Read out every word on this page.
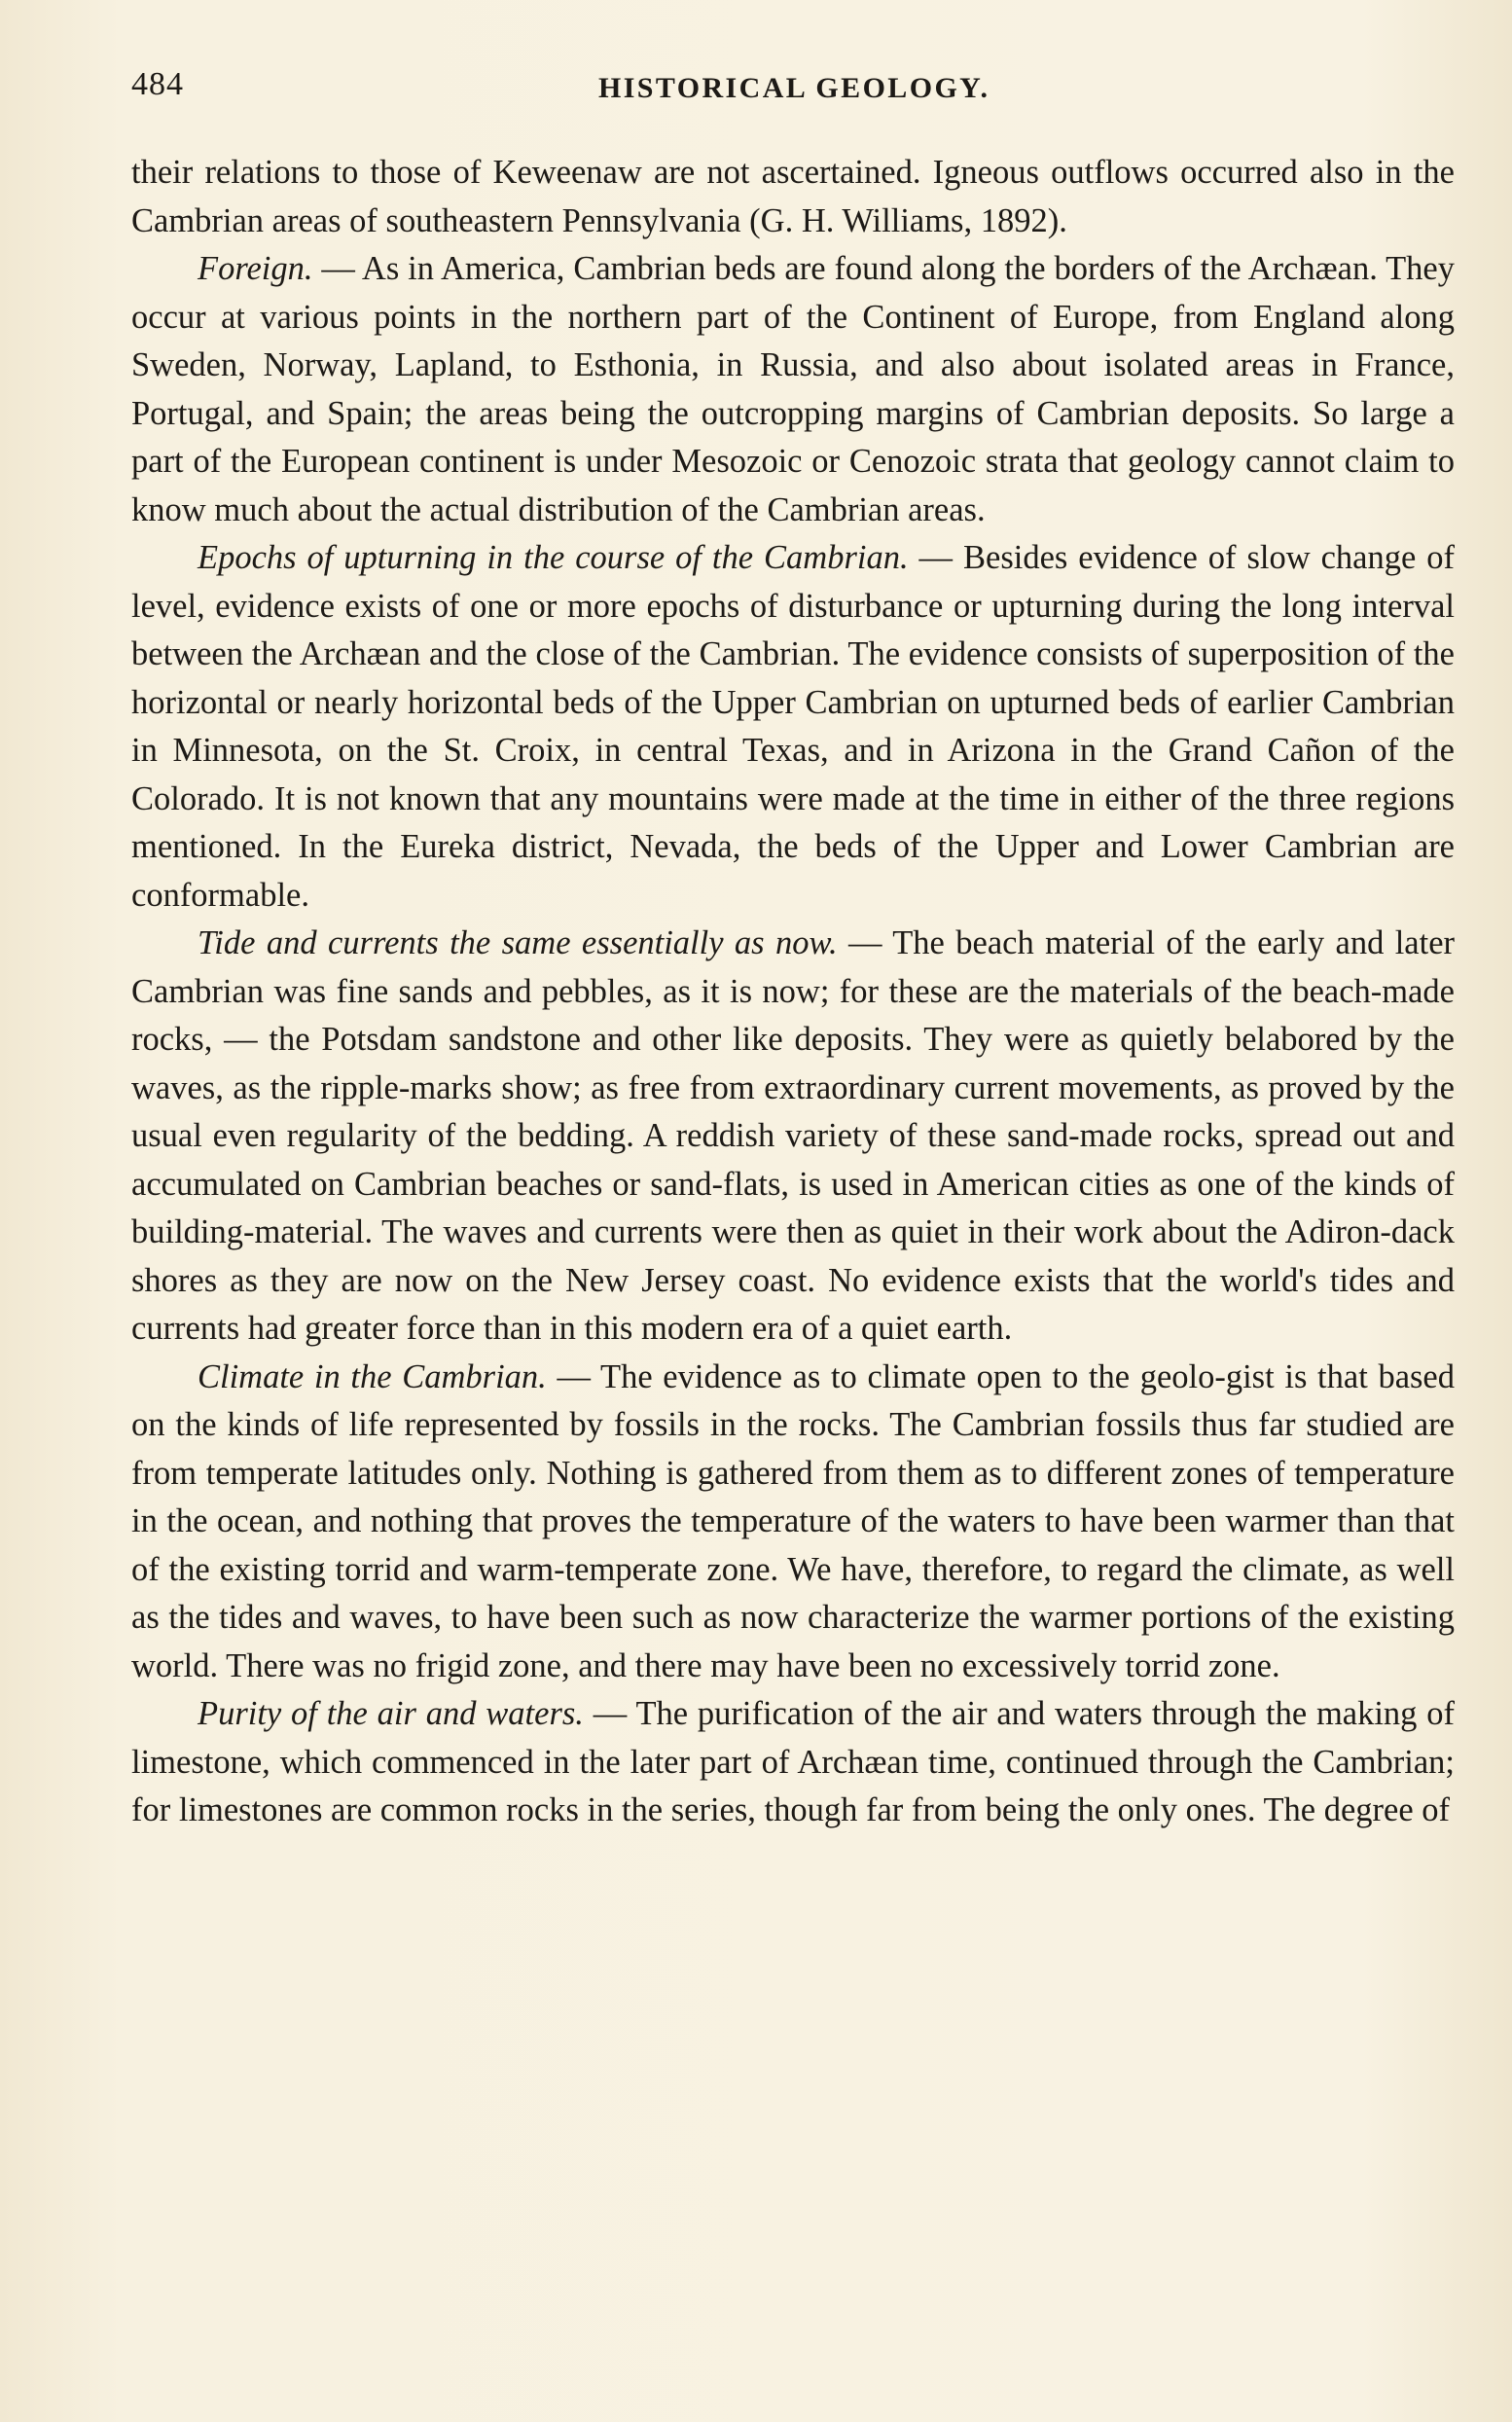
484	HISTORICAL GEOLOGY.

their relations to those of Keweenaw are not ascertained. Igneous outflows occurred also in the Cambrian areas of southeastern Pennsylvania (G. H. Williams, 1892).

Foreign. — As in America, Cambrian beds are found along the borders of the Archæan. They occur at various points in the northern part of the Continent of Europe, from England along Sweden, Norway, Lapland, to Esthonia, in Russia, and also about isolated areas in France, Portugal, and Spain; the areas being the outcropping margins of Cambrian deposits. So large a part of the European continent is under Mesozoic or Cenozoic strata that geology cannot claim to know much about the actual distribution of the Cambrian areas.

Epochs of upturning in the course of the Cambrian. — Besides evidence of slow change of level, evidence exists of one or more epochs of disturbance or upturning during the long interval between the Archæan and the close of the Cambrian. The evidence consists of superposition of the horizontal or nearly horizontal beds of the Upper Cambrian on upturned beds of earlier Cambrian in Minnesota, on the St. Croix, in central Texas, and in Arizona in the Grand Cañon of the Colorado. It is not known that any mountains were made at the time in either of the three regions mentioned. In the Eureka district, Nevada, the beds of the Upper and Lower Cambrian are conformable.

Tide and currents the same essentially as now. — The beach material of the early and later Cambrian was fine sands and pebbles, as it is now; for these are the materials of the beach-made rocks, — the Potsdam sandstone and other like deposits. They were as quietly belabored by the waves, as the ripple-marks show; as free from extraordinary current movements, as proved by the usual even regularity of the bedding. A reddish variety of these sand-made rocks, spread out and accumulated on Cambrian beaches or sand-flats, is used in American cities as one of the kinds of building-material. The waves and currents were then as quiet in their work about the Adiron-dack shores as they are now on the New Jersey coast. No evidence exists that the world's tides and currents had greater force than in this modern era of a quiet earth.

Climate in the Cambrian. — The evidence as to climate open to the geolo-gist is that based on the kinds of life represented by fossils in the rocks. The Cambrian fossils thus far studied are from temperate latitudes only. Nothing is gathered from them as to different zones of temperature in the ocean, and nothing that proves the temperature of the waters to have been warmer than that of the existing torrid and warm-temperate zone. We have, therefore, to regard the climate, as well as the tides and waves, to have been such as now characterize the warmer portions of the existing world. There was no frigid zone, and there may have been no excessively torrid zone.

Purity of the air and waters. — The purification of the air and waters through the making of limestone, which commenced in the later part of Archæan time, continued through the Cambrian; for limestones are common rocks in the series, though far from being the only ones. The degree of
